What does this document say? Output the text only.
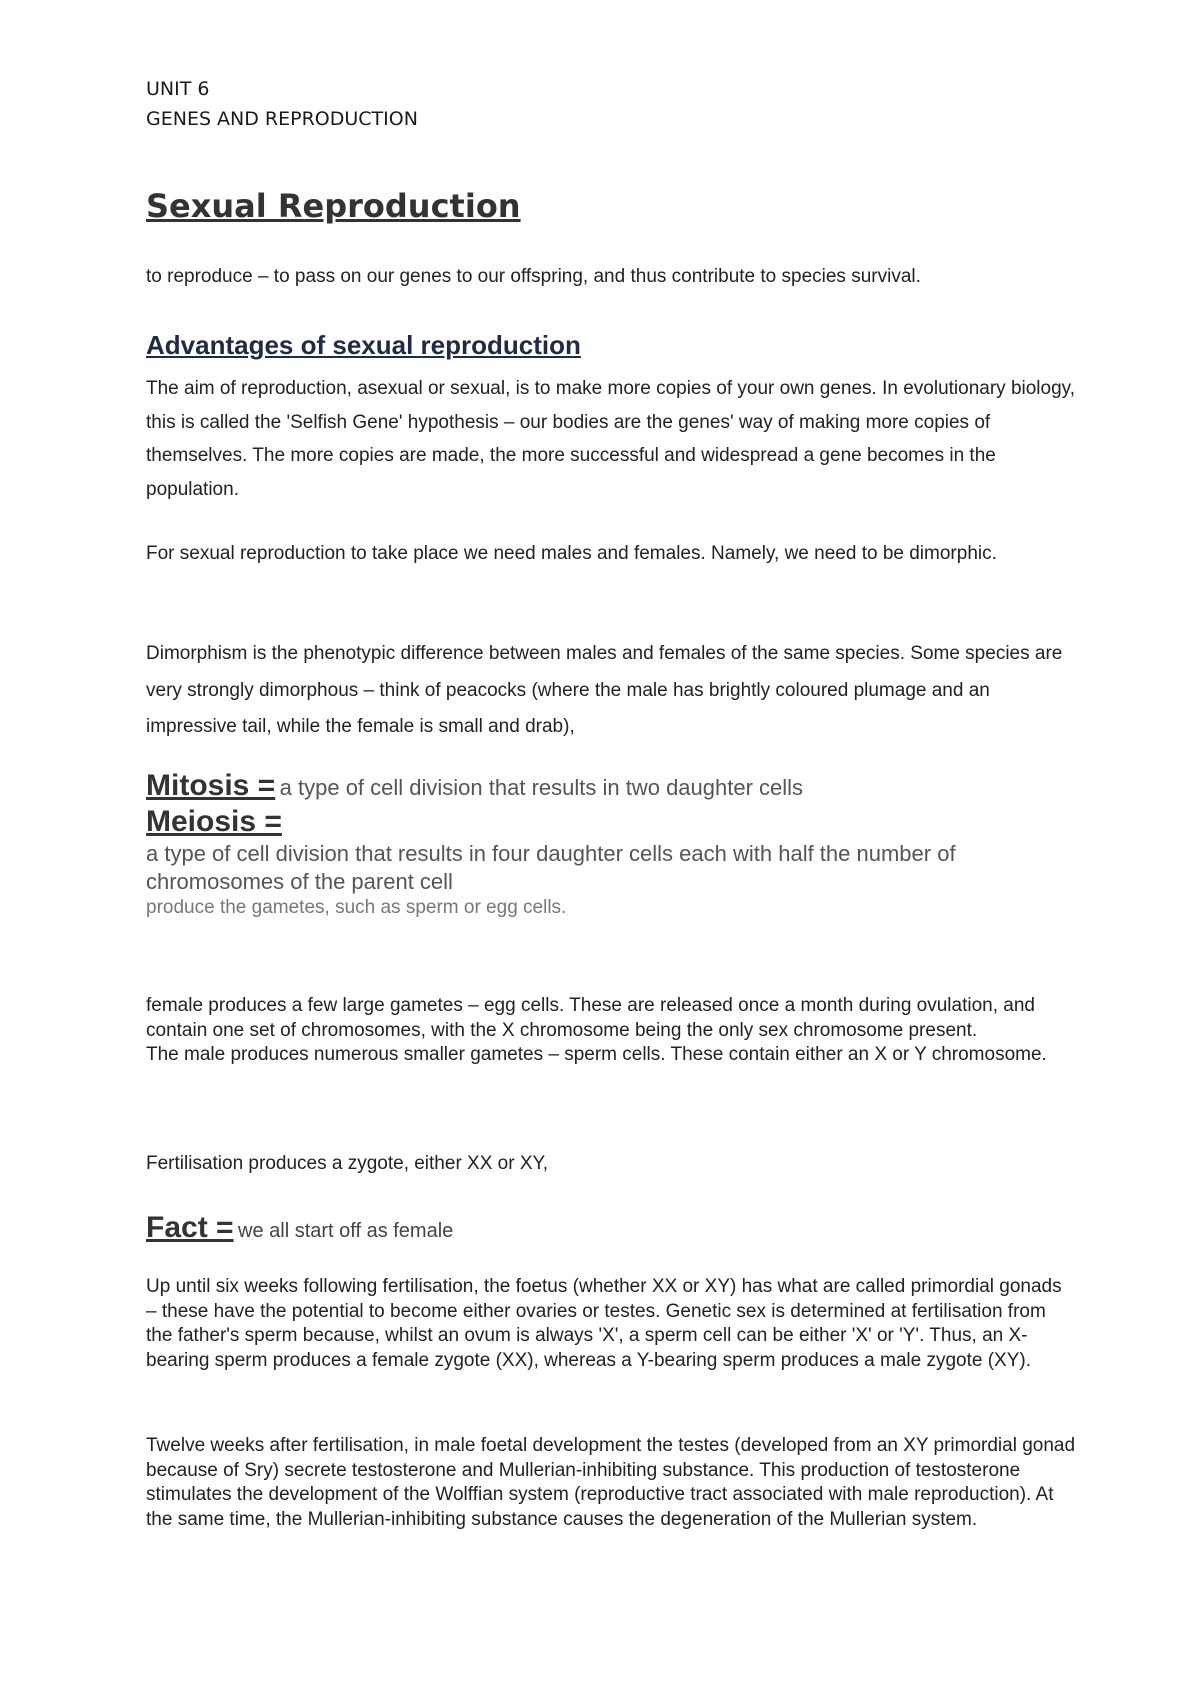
UNIT 6
GENES AND REPRODUCTION
Sexual Reproduction

to reproduce – to pass on our genes to our offspring, and thus contribute to species survival.

Advantages of sexual reproduction

The aim of reproduction, asexual or sexual, is to make more copies of your own genes. In evolutionary biology, this is called the 'Selfish Gene' hypothesis – our bodies are the genes' way of making more copies of themselves. The more copies are made, the more successful and widespread a gene becomes in the population.

For sexual reproduction to take place we need males and females. Namely, we need to be dimorphic.

Dimorphism is the phenotypic difference between males and females of the same species. Some species are very strongly dimorphous – think of peacocks (where the male has brightly coloured plumage and an impressive tail, while the female is small and drab),

Mitosis = a type of cell division that results in two daughter cells
Meiosis =

a type of cell division that results in four daughter cells each with half the number of chromosomes of the parent cell

produce the gametes, such as sperm or egg cells.

female produces a few large gametes – egg cells. These are released once a month during ovulation, and contain one set of chromosomes, with the X chromosome being the only sex chromosome present.
The male produces numerous smaller gametes – sperm cells. These contain either an X or Y chromosome.

Fertilisation produces a zygote, either XX or XY,

Fact = we all start off as female

Up until six weeks following fertilisation, the foetus (whether XX or XY) has what are called primordial gonads – these have the potential to become either ovaries or testes. Genetic sex is determined at fertilisation from the father's sperm because, whilst an ovum is always 'X', a sperm cell can be either 'X' or 'Y'. Thus, an X-bearing sperm produces a female zygote (XX), whereas a Y-bearing sperm produces a male zygote (XY).

Twelve weeks after fertilisation, in male foetal development the testes (developed from an XY primordial gonad because of Sry) secrete testosterone and Mullerian-inhibiting substance. This production of testosterone stimulates the development of the Wolffian system (reproductive tract associated with male reproduction). At the same time, the Mullerian-inhibiting substance causes the degeneration of the Mullerian system.
